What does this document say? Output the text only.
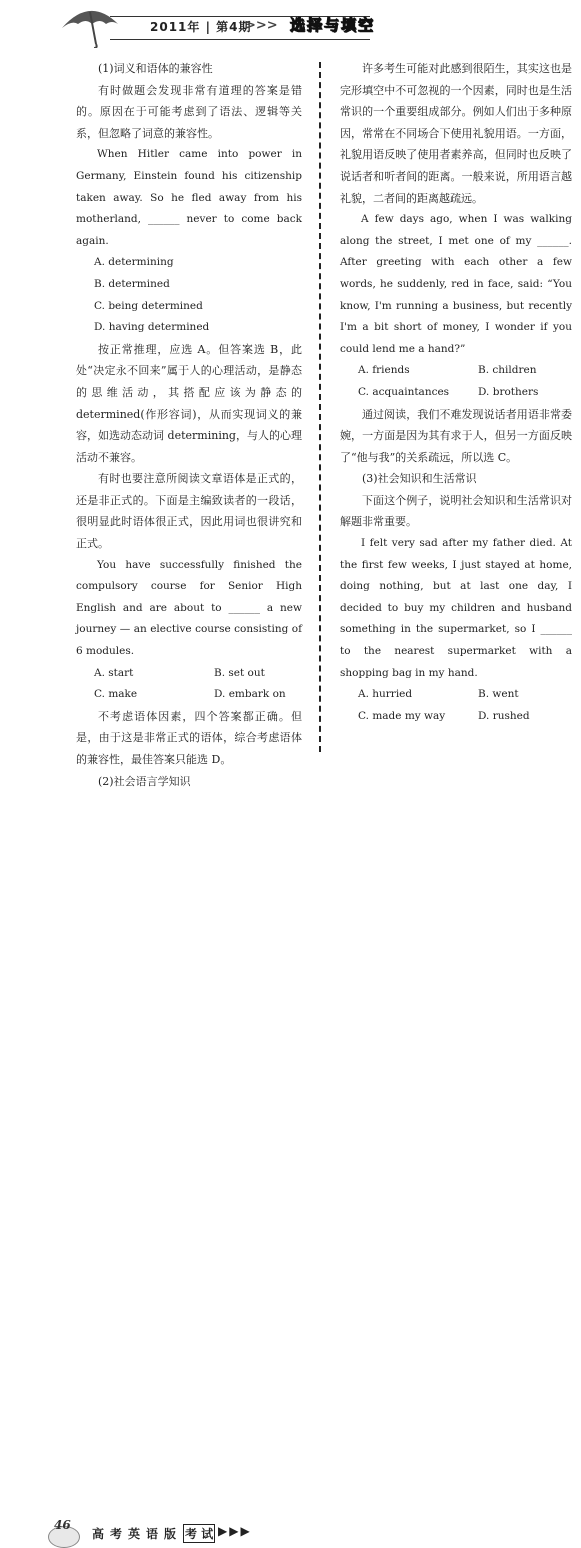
2011年 | 第4期
>>> 选择与填空

(1)词义和语体的兼容性

有时做题会发现非常有道理的答案是错的。原因在于可能考虑到了语法、逻辑等关系，但忽略了词意的兼容性。

When Hitler came into power in Germany, Einstein found his citizenship taken away. So he fled away from his motherland, ______ never to come back again.

A. determining
B. determined
C. being determined
D. having determined

按正常推理，应选 A。但答案选 B，此处“决定永不回来”属于人的心理活动，是静态的思维活动，其搭配应该为静态的 determined(作形容词)，从而实现词义的兼容，如选动态动词 determining，与人的心理活动不兼容。

有时也要注意所阅读文章语体是正式的，还是非正式的。下面是主编致读者的一段话，很明显此时语体很正式，因此用词也很讲究和正式。

You have successfully finished the compulsory course for Senior High English and are about to ______ a new journey — an elective course consisting of 6 modules.

A. start	B. set out
C. make	D. embark on

不考虑语体因素，四个答案都正确。但是，由于这是非常正式的语体，综合考虑语体的兼容性，最佳答案只能选 D。

(2)社会语言学知识

许多考生可能对此感到很陌生，其实这也是完形填空中不可忽视的一个因素，同时也是生活常识的一个重要组成部分。例如人们出于多种原因，常常在不同场合下使用礼貌用语。一方面，礼貌用语反映了使用者素养高，但同时也反映了说话者和听者间的距离。一般来说，所用语言越礼貌，二者间的距离越疏远。

A few days ago, when I was walking along the street, I met one of my ______. After greeting with each other a few words, he suddenly, red in face, said: “You know, I'm running a business, but recently I'm a bit short of money, I wonder if you could lend me a hand?”

A. friends	B. children
C. acquaintances	D. brothers

通过阅读，我们不难发现说话者用语非常委婉，一方面是因为其有求于人，但另一方面反映了“他与我”的关系疏远，所以选 C。

(3)社会知识和生活常识

下面这个例子，说明社会知识和生活常识对解题非常重要。

I felt very sad after my father died. At the first few weeks, I just stayed at home, doing nothing, but at last one day, I decided to buy my children and husband something in the supermarket, so I ______ to the nearest supermarket with a shopping bag in my hand.

A. hurried	B. went
C. made my way	D. rushed
46
高考英语版 考 试 ▶▶▶
